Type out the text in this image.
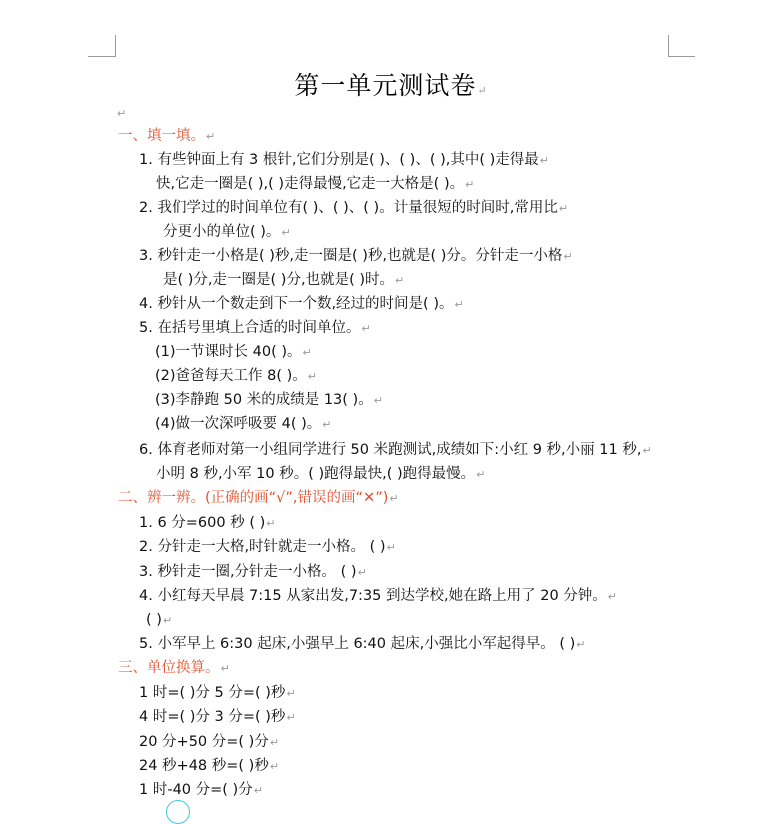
第一单元测试卷↵
一、填一填。↵
1. 有些钟面上有 3 根针,它们分别是( )、( )、( ),其中( )走得最↵
快,它走一圈是( ),( )走得最慢,它走一大格是( )。↵
2. 我们学过的时间单位有( )、( )、( )。计量很短的时间时,常用比↵
分更小的单位( )。↵
3. 秒针走一小格是( )秒,走一圈是( )秒,也就是( )分。分针走一小格↵
是( )分,走一圈是( )分,也就是( )时。↵
4. 秒针从一个数走到下一个数,经过的时间是( )。↵
5. 在括号里填上合适的时间单位。↵
(1)一节课时长 40( )。↵
(2)爸爸每天工作 8( )。↵
(3)李静跑 50 米的成绩是 13( )。↵
(4)做一次深呼吸要 4( )。↵
6. 体育老师对第一小组同学进行 50 米跑测试,成绩如下:小红 9 秒,小丽 11 秒,↵
小明 8 秒,小军 10 秒。( )跑得最快,( )跑得最慢。↵
二、辨一辨。(正确的画“√”,错误的画“✕”)↵
1. 6 分=600 秒 ( )↵
2. 分针走一大格,时针就走一小格。 ( )↵
3. 秒针走一圈,分针走一小格。 ( )↵
4. 小红每天早晨 7:15 从家出发,7:35 到达学校,她在路上用了 20 分钟。↵
( )↵
5. 小军早上 6:30 起床,小强早上 6:40 起床,小强比小军起得早。 ( )↵
三、单位换算。↵
1 时=( )分 5 分=( )秒↵
4 时=( )分 3 分=( )秒↵
20 分+50 分=( )分↵
24 秒+48 秒=( )秒↵
1 时-40 分=( )分↵
↵
